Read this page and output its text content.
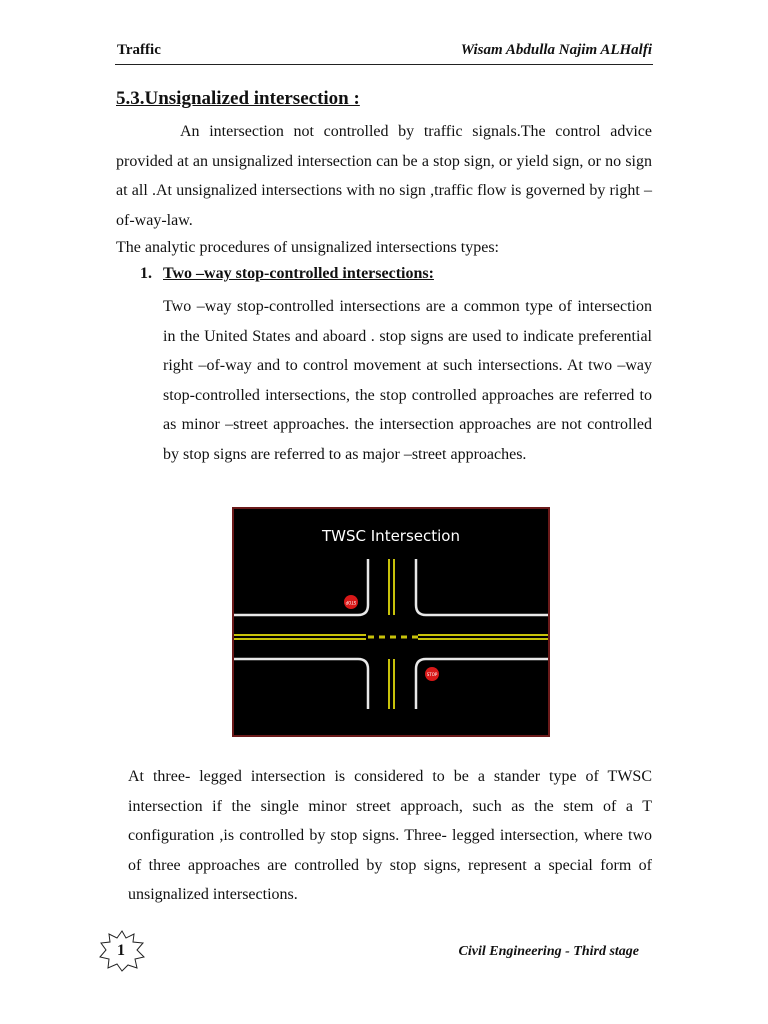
Traffic	Wisam Abdulla Najim ALHalfi
5.3.Unsignalized intersection :
An intersection not controlled by traffic signals.The control advice provided at an unsignalized intersection can be a stop sign, or yield sign, or no sign at all .At unsignalized intersections with no sign ,traffic flow is governed by right –of-way-law.
The analytic procedures of unsignalized intersections types:
1. Two –way stop-controlled intersections:
Two –way stop-controlled intersections are a common type of intersection in the United States and aboard . stop signs are used to indicate preferential right –of-way and to control movement at such intersections. At two –way stop-controlled intersections, the stop controlled approaches are referred to as minor –street approaches. the intersection approaches are not controlled by stop signs are referred to as major –street approaches.
TWSC Intersection
STOP
STOP
At three- legged intersection is considered to be a stander type of TWSC intersection if the single minor street approach, such as the stem of a T configuration ,is controlled by stop signs. Three- legged intersection, where two of three approaches are controlled by stop signs, represent a special form of unsignalized intersections.
1	Civil Engineering - Third stage
